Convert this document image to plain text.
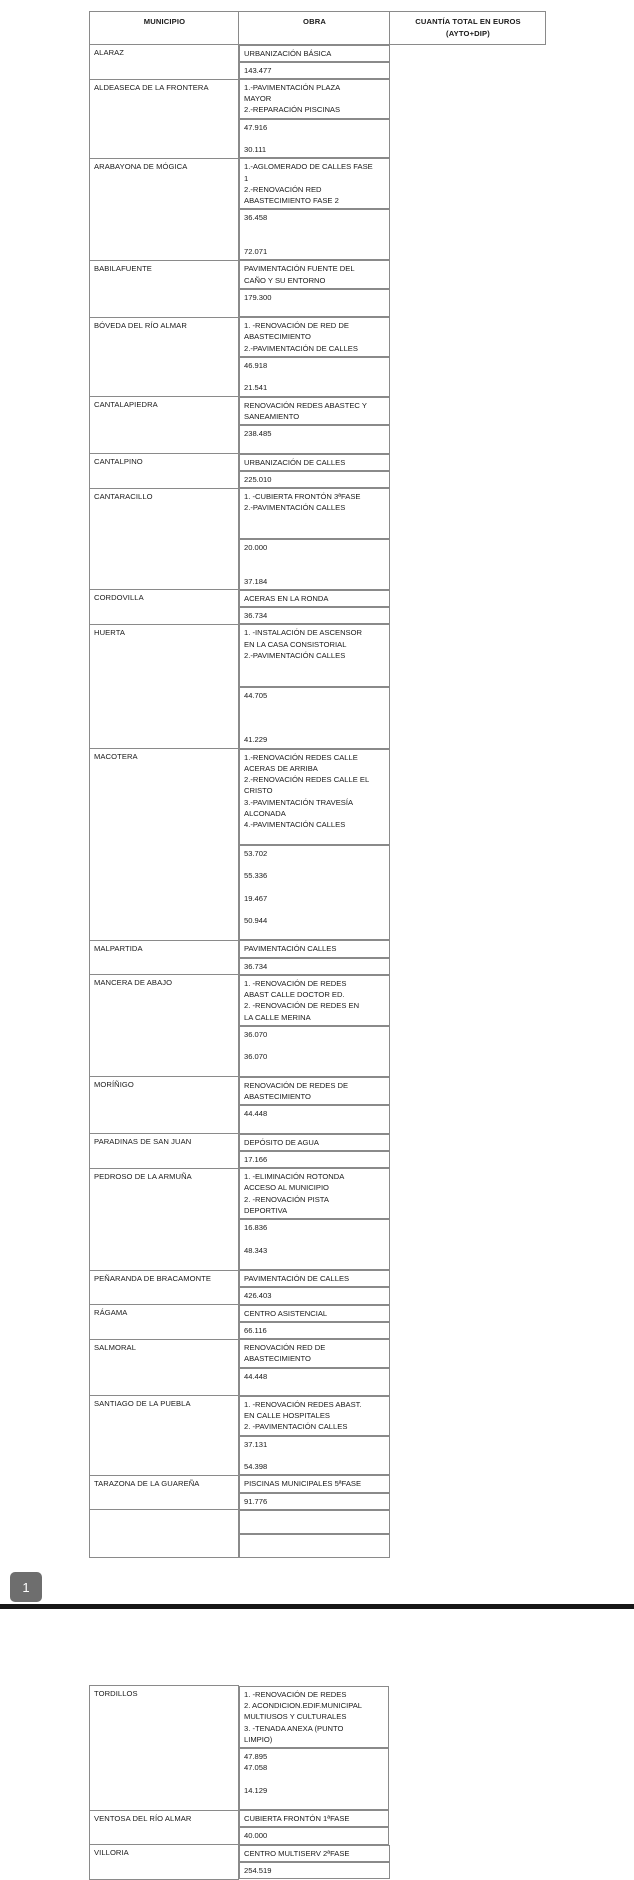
MUNICIPIO	OBRA	CUANTÍA TOTAL EN EUROS
(AYTO+DIP)

ALARAZ		URBANIZACIÓN BÁSICA
143.477

ALDEASECA DE LA FRONTERA		1.-PAVIMENTACIÓN PLAZA
MAYOR
2.-REPARACIÓN PISCINAS
47.916
30.111

ARABAYONA DE MÓGICA		1.-AGLOMERADO DE CALLES FASE
1
2.-RENOVACIÓN RED
ABASTECIMIENTO FASE 2
36.458
72.071

BABILAFUENTE		PAVIMENTACIÓN FUENTE DEL
CAÑO Y SU ENTORNO
179.300

BÓVEDA DEL RÍO ALMAR		1. -RENOVACIÓN DE RED DE
ABASTECIMIENTO
2.-PAVIMENTACIÓN DE CALLES
46.918
21.541

CANTALAPIEDRA		RENOVACIÓN REDES ABASTEC Y
SANEAMIENTO
238.485

CANTALPINO		URBANIZACIÓN DE CALLES
225.010

CANTARACILLO		1. -CUBIERTA FRONTÓN 3ªFASE
2.-PAVIMENTACIÓN CALLES
20.000
37.184

CORDOVILLA		ACERAS EN LA RONDA
36.734

HUERTA		1. -INSTALACIÓN DE ASCENSOR
EN LA CASA CONSISTORIAL
2.-PAVIMENTACIÓN CALLES
44.705
41.229

MACOTERA		1.-RENOVACIÓN REDES CALLE
ACERAS DE ARRIBA
2.-RENOVACIÓN REDES CALLE EL
CRISTO
3.-PAVIMENTACIÓN TRAVESÍA
ALCONADA
4.-PAVIMENTACIÓN CALLES
53.702
55.336
19.467
50.944

MALPARTIDA		PAVIMENTACIÓN CALLES
36.734

MANCERA DE ABAJO		1. -RENOVACIÓN DE REDES
ABAST CALLE DOCTOR ED.
2. -RENOVACIÓN DE REDES EN
LA CALLE MERINA
36.070
36.070

MORÍÑIGO		RENOVACIÓN DE REDES DE
ABASTECIMIENTO
44.448

PARADINAS DE SAN JUAN		DEPÓSITO DE AGUA
17.166

PEDROSO DE LA ARMUÑA		1. -ELIMINACIÓN ROTONDA
ACCESO AL MUNICIPIO
2. -RENOVACIÓN PISTA
DEPORTIVA
16.836
48.343

PEÑARANDA DE BRACAMONTE		PAVIMENTACIÓN DE CALLES
426.403

RÁGAMA		CENTRO ASISTENCIAL
66.116

SALMORAL		RENOVACIÓN RED DE
ABASTECIMIENTO
44.448

SANTIAGO DE LA PUEBLA		1. -RENOVACIÓN REDES ABAST.
EN CALLE HOSPITALES
2. -PAVIMENTACIÓN CALLES
37.131
54.398

TARAZONA DE LA GUAREÑA		PISCINAS MUNICIPALES 5ªFASE
91.776

1
TORDILLOS		1. -RENOVACIÓN DE REDES
2. ACONDICION.EDIF.MUNICIPAL
MULTIUSOS Y CULTURALES
3. -TENADA ANEXA (PUNTO
LIMPIO)
47.895
47.058
14.129

VENTOSA DEL RÍO ALMAR		CUBIERTA FRONTÓN 1ªFASE
40.000

VILLORIA		CENTRO MULTISERV 2ªFASE
254.519
